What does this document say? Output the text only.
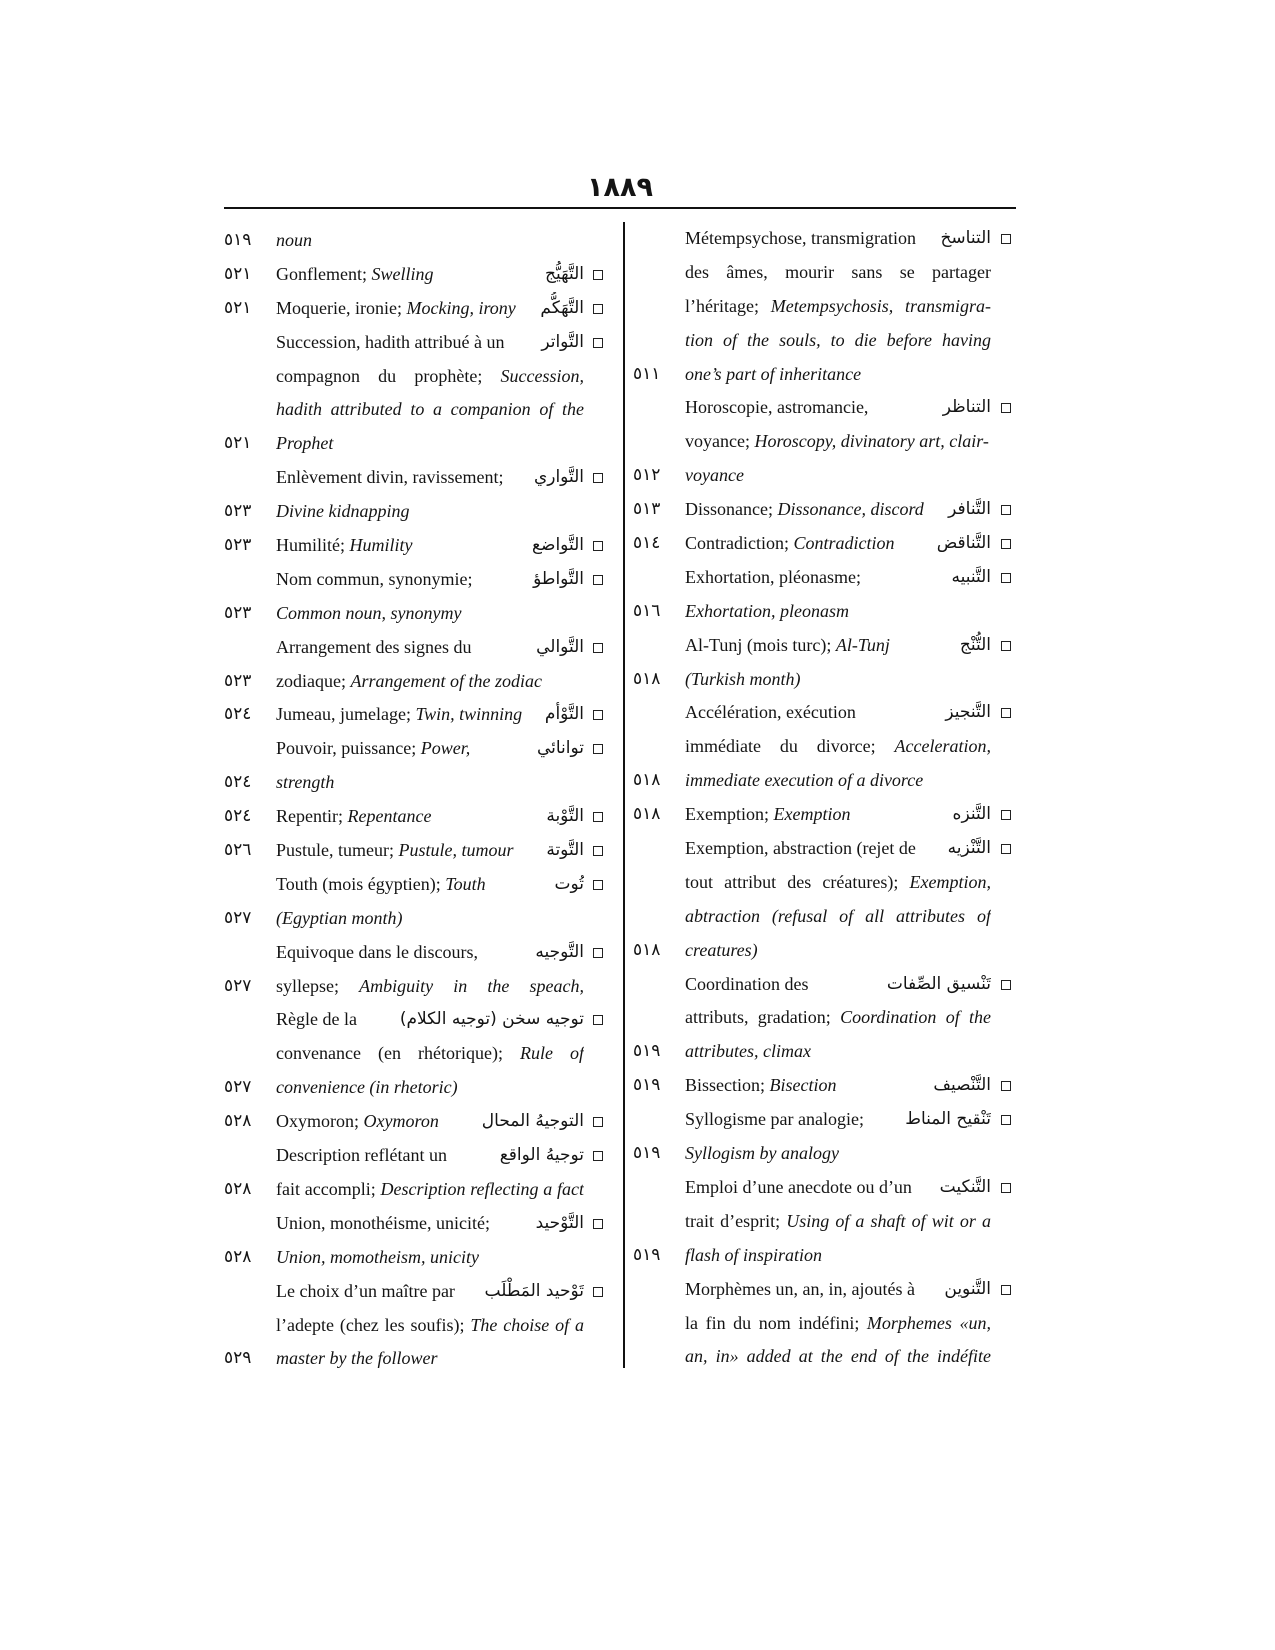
١٨٨٩
٥١٩	noun
٥٢١	Gonflement; Swelling	التَّهَيُّج
٥٢١	Moquerie, ironie; Mocking, irony	التَّهَكُّم
Succession, hadith attribué à un	التَّواتر
compagnon du prophète; Succession,
hadith attributed to a companion of the
٥٢١	Prophet
Enlèvement divin, ravissement;	التَّواري
٥٢٣	Divine kidnapping
٥٢٣	Humilité; Humility	التَّواضع
Nom commun, synonymie;	التَّواطؤ
٥٢٣	Common noun, synonymy
Arrangement des signes du	التَّوالي
٥٢٣	zodiaque; Arrangement of the zodiac
٥٢٤	Jumeau, jumelage; Twin, twinning	التَّوْأم
Pouvoir, puissance; Power,	توانائي
٥٢٤	strength
٥٢٤	Repentir; Repentance	التَّوْبة
٥٢٦	Pustule, tumeur; Pustule, tumour	التَّوتة
Touth (mois égyptien); Touth	تُوت
٥٢٧	(Egyptian month)
Equivoque dans le discours,	التَّوجيه
٥٢٧	syllepse; Ambiguity in the speach,
Règle de la	توجيه سخن (توجيه الكلام)
convenance (en rhétorique); Rule of
٥٢٧	convenience (in rhetoric)
٥٢٨	Oxymoron; Oxymoron	التوجيهُ المحال
Description reflétant un	توجيهُ الواقع
٥٢٨	fait accompli; Description reflecting a fact
Union, monothéisme, unicité;	التَّوْحيد
٥٢٨	Union, momotheism, unicity
Le choix d’un maître par	تَوْحيد المَطْلَب
l’adepte (chez les soufis); The choise of a
٥٢٩	master by the follower
Métempsychose, transmigration	التناسخ
des âmes, mourir sans se partager
l’héritage; Metempsychosis, transmigra-
tion of the souls, to die before having
٥١١	one’s part of inheritance
Horoscopie, astromancie,	التناظر
voyance; Horoscopy, divinatory art, clair-
٥١٢	voyance
٥١٣	Dissonance; Dissonance, discord	التَّنافر
٥١٤	Contradiction; Contradiction	التَّناقض
Exhortation, pléonasme;	التَّنبيه
٥١٦	Exhortation, pleonasm
Al-Tunj (mois turc); Al-Tunj	التُّنْج
٥١٨	(Turkish month)
Accélération, exécution	التَّنجيز
immédiate du divorce; Acceleration,
٥١٨	immediate execution of a divorce
٥١٨	Exemption; Exemption	التَّنزه
Exemption, abstraction (rejet de	التَّنْزيه
tout attribut des créatures); Exemption,
abtraction (refusal of all attributes of
٥١٨	creatures)
Coordination des	تَنْسيق الصِّفات
attributs, gradation; Coordination of the
٥١٩	attributes, climax
٥١٩	Bissection; Bisection	التَّنْصيف
Syllogisme par analogie;	تَنْقيح المناط
٥١٩	Syllogism by analogy
Emploi d’une anecdote ou d’un	التَّنكيت
trait d’esprit; Using of a shaft of wit or a
٥١٩	flash of inspiration
Morphèmes un, an, in, ajoutés à	التَّنوين
la fin du nom indéfini; Morphemes «un,
an, in» added at the end of the indéfite
